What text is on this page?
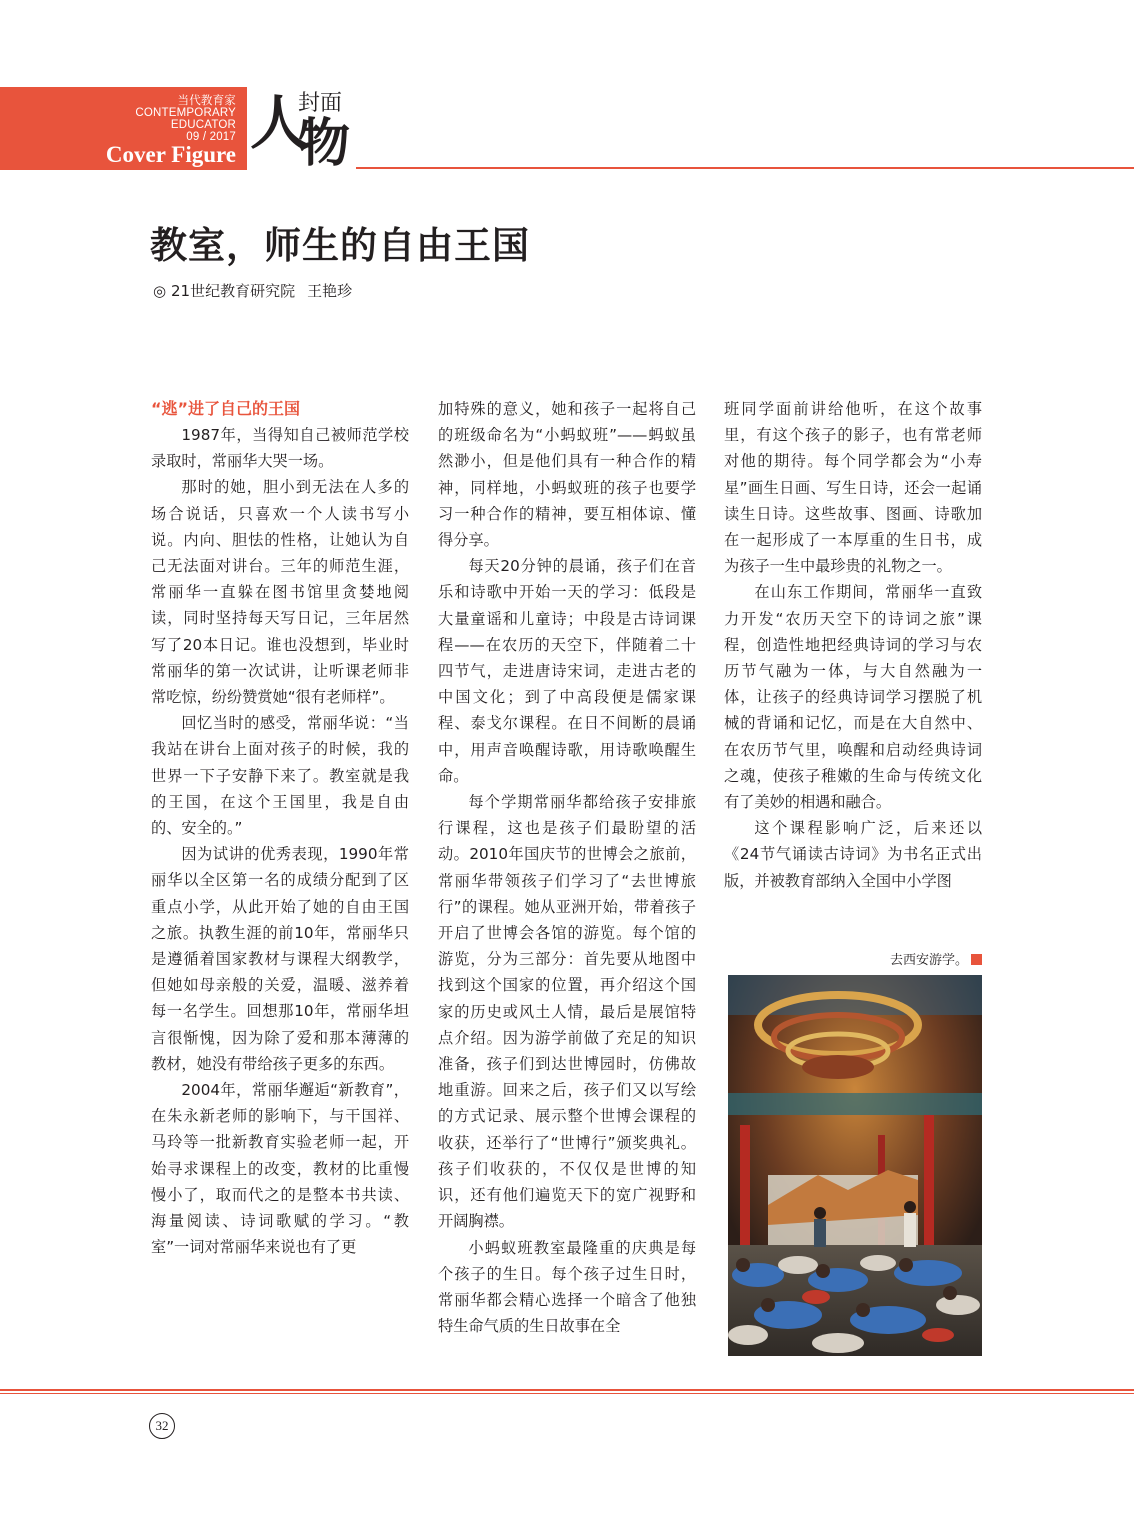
当代教育家
CONTEMPORARY
EDUCATOR
09 / 2017
Cover Figure
封面
人
物
教室，师生的自由王国
◎ 21世纪教育研究院 王艳珍

“逃”进了自己的王国

1987年，当得知自己被师范学校录取时，常丽华大哭一场。

那时的她，胆小到无法在人多的场合说话，只喜欢一个人读书写小说。内向、胆怯的性格，让她认为自己无法面对讲台。三年的师范生涯，常丽华一直躲在图书馆里贪婪地阅读，同时坚持每天写日记，三年居然写了20本日记。谁也没想到，毕业时常丽华的第一次试讲，让听课老师非常吃惊，纷纷赞赏她“很有老师样”。

回忆当时的感受，常丽华说：“当我站在讲台上面对孩子的时候，我的世界一下子安静下来了。教室就是我的王国，在这个王国里，我是自由的、安全的。”

因为试讲的优秀表现，1990年常丽华以全区第一名的成绩分配到了区重点小学，从此开始了她的自由王国之旅。执教生涯的前10年，常丽华只是遵循着国家教材与课程大纲教学，但她如母亲般的关爱，温暖、滋养着每一名学生。回想那10年，常丽华坦言很惭愧，因为除了爱和那本薄薄的教材，她没有带给孩子更多的东西。

2004年，常丽华邂逅“新教育”，在朱永新老师的影响下，与干国祥、马玲等一批新教育实验老师一起，开始寻求课程上的改变，教材的比重慢慢小了，取而代之的是整本书共读、海量阅读、诗词歌赋的学习。“教室”一词对常丽华来说也有了更

加特殊的意义，她和孩子一起将自己的班级命名为“小蚂蚁班”——蚂蚁虽然渺小，但是他们具有一种合作的精神，同样地，小蚂蚁班的孩子也要学习一种合作的精神，要互相体谅、懂得分享。

每天20分钟的晨诵，孩子们在音乐和诗歌中开始一天的学习：低段是大量童谣和儿童诗；中段是古诗词课程——在农历的天空下，伴随着二十四节气，走进唐诗宋词，走进古老的中国文化；到了中高段便是儒家课程、泰戈尔课程。在日不间断的晨诵中，用声音唤醒诗歌，用诗歌唤醒生命。

每个学期常丽华都给孩子安排旅行课程，这也是孩子们最盼望的活动。2010年国庆节的世博会之旅前，常丽华带领孩子们学习了“去世博旅行”的课程。她从亚洲开始，带着孩子开启了世博会各馆的游览。每个馆的游览，分为三部分：首先要从地图中找到这个国家的位置，再介绍这个国家的历史或风土人情，最后是展馆特点介绍。因为游学前做了充足的知识准备，孩子们到达世博园时，仿佛故地重游。回来之后，孩子们又以写绘的方式记录、展示整个世博会课程的收获，还举行了“世博行”颁奖典礼。孩子们收获的，不仅仅是世博的知识，还有他们遍览天下的宽广视野和开阔胸襟。

小蚂蚁班教室最隆重的庆典是每个孩子的生日。每个孩子过生日时，常丽华都会精心选择一个暗含了他独特生命气质的生日故事在全

班同学面前讲给他听，在这个故事里，有这个孩子的影子，也有常老师对他的期待。每个同学都会为“小寿星”画生日画、写生日诗，还会一起诵读生日诗。这些故事、图画、诗歌加在一起形成了一本厚重的生日书，成为孩子一生中最珍贵的礼物之一。

在山东工作期间，常丽华一直致力开发“农历天空下的诗词之旅”课程，创造性地把经典诗词的学习与农历节气融为一体，与大自然融为一体，让孩子的经典诗词学习摆脱了机械的背诵和记忆，而是在大自然中、在农历节气里，唤醒和启动经典诗词之魂，使孩子稚嫩的生命与传统文化有了美妙的相遇和融合。

这个课程影响广泛，后来还以《24节气诵读古诗词》为书名正式出版，并被教育部纳入全国中小学图

去西安游学。
32
